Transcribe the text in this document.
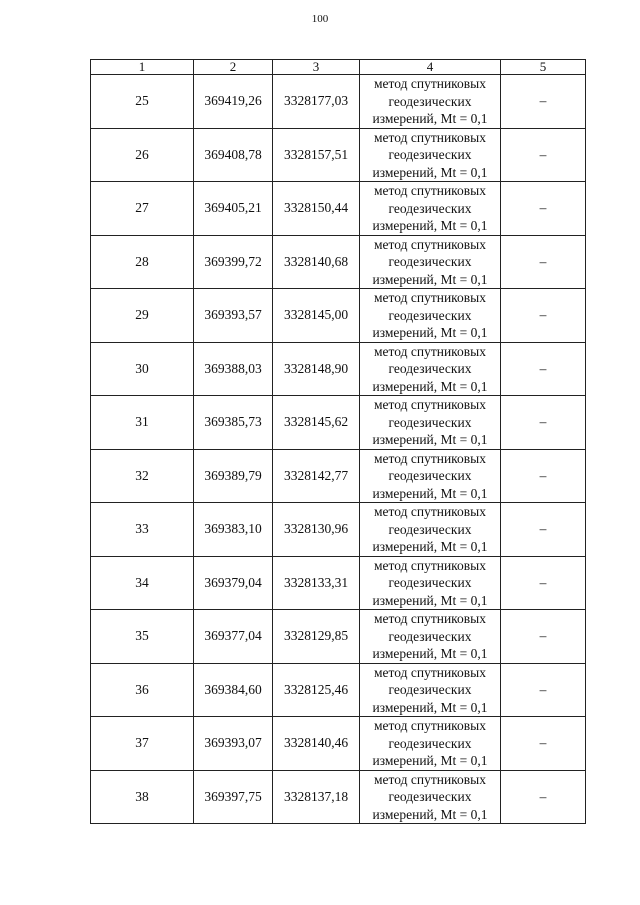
100
1	2	3	4	5
25	369419,26	3328177,03	метод спутниковых
геодезических
измерений, Mt = 0,1	–
26	369408,78	3328157,51	метод спутниковых
геодезических
измерений, Mt = 0,1	–
27	369405,21	3328150,44	метод спутниковых
геодезических
измерений, Mt = 0,1	–
28	369399,72	3328140,68	метод спутниковых
геодезических
измерений, Mt = 0,1	–
29	369393,57	3328145,00	метод спутниковых
геодезических
измерений, Mt = 0,1	–
30	369388,03	3328148,90	метод спутниковых
геодезических
измерений, Mt = 0,1	–
31	369385,73	3328145,62	метод спутниковых
геодезических
измерений, Mt = 0,1	–
32	369389,79	3328142,77	метод спутниковых
геодезических
измерений, Mt = 0,1	–
33	369383,10	3328130,96	метод спутниковых
геодезических
измерений, Mt = 0,1	–
34	369379,04	3328133,31	метод спутниковых
геодезических
измерений, Mt = 0,1	–
35	369377,04	3328129,85	метод спутниковых
геодезических
измерений, Mt = 0,1	–
36	369384,60	3328125,46	метод спутниковых
геодезических
измерений, Mt = 0,1	–
37	369393,07	3328140,46	метод спутниковых
геодезических
измерений, Mt = 0,1	–
38	369397,75	3328137,18	метод спутниковых
геодезических
измерений, Mt = 0,1	–
